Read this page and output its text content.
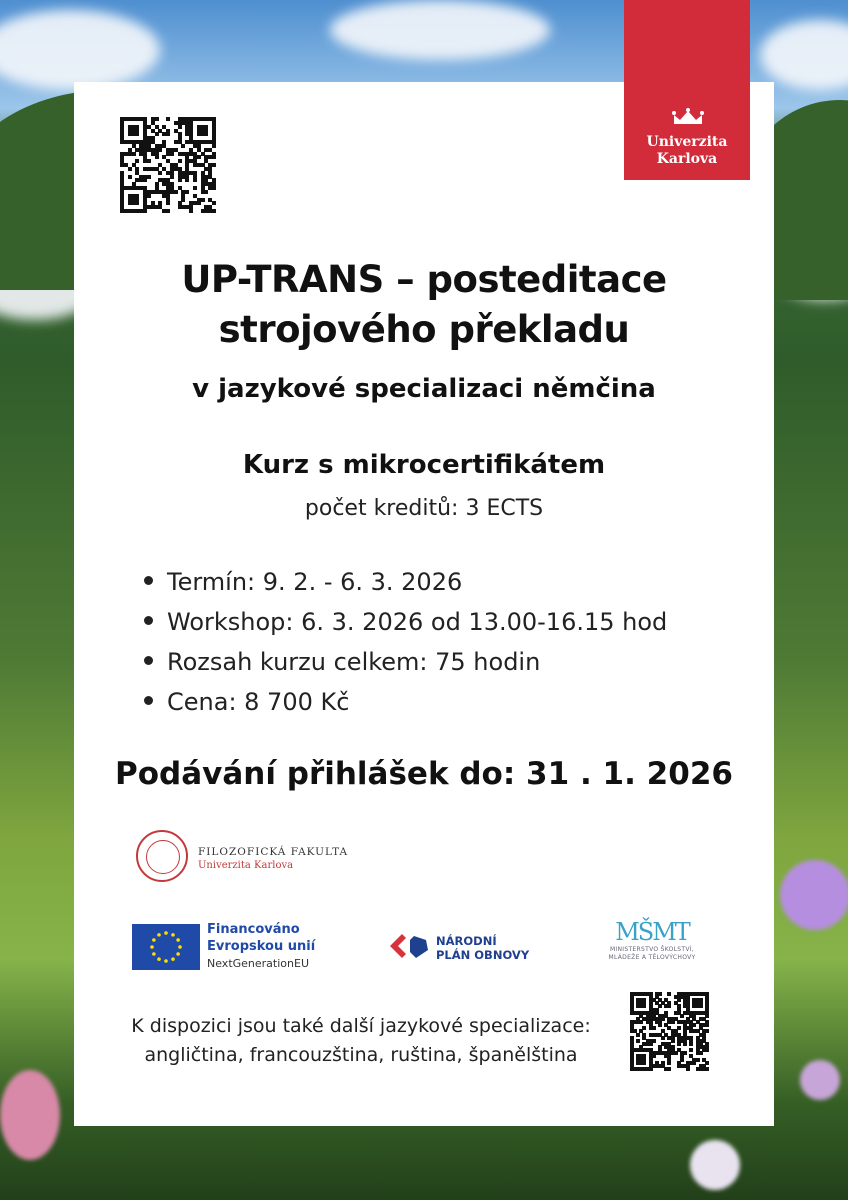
Univerzita
Karlova
UP-TRANS – posteditace
strojového překladu
v jazykové specializaci němčina
Kurz s mikrocertifikátem
počet kreditů: 3 ECTS
Termín: 9. 2. - 6. 3. 2026
Workshop: 6. 3. 2026 od 13.00-16.15 hod
Rozsah kurzu celkem: 75 hodin
Cena: 8 700 Kč
Podávání přihlášek do: 31 . 1. 2026
FILOZOFICKÁ FAKULTA
Univerzita Karlova
Financováno
Evropskou unií
NextGenerationEU
NÁRODNÍ
PLÁN OBNOVY
MŠMT
MINISTERSTVO ŠKOLSTVÍ,
MLÁDEŽE A TĚLOVÝCHOVY
K dispozici jsou také další jazykové specializace:
angličtina, francouzština, ruština, španělština
